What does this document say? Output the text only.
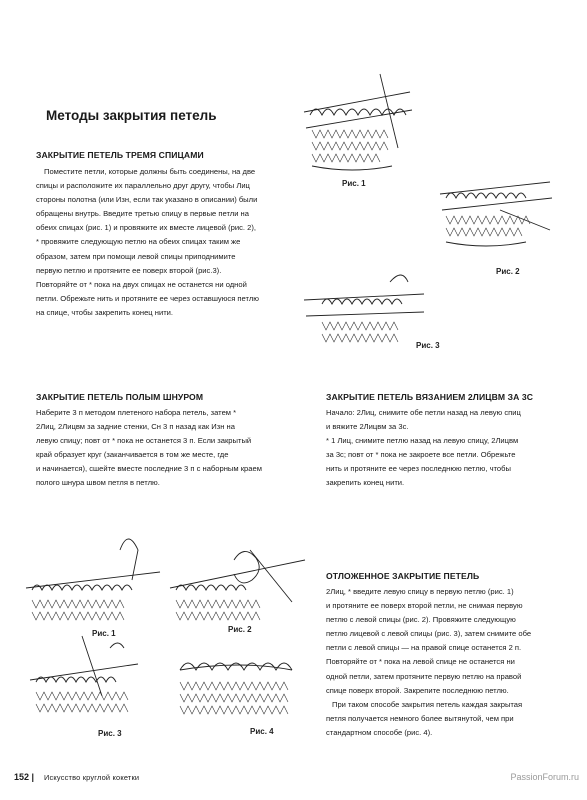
Методы закрытия петель
ЗАКРЫТИЕ ПЕТЕЛЬ ТРЕМЯ СПИЦАМИ
Поместите петли, которые должны быть соединены, на две
спицы и расположите их параллельно друг другу, чтобы Лиц
стороны полотна (или Изн, если так указано в описании) были
обращены внутрь. Введите третью спицу в первые петли на
обеих спицах (рис. 1) и провяжите их вместе лицевой (рис. 2),
* провяжите следующую петлю на обеих спицах таким же
образом, затем при помощи левой спицы приподнимите
первую петлю и протяните ее поверх второй (рис.3).
Повторяйте от * пока на двух спицах не останется ни одной
петли. Обрежьте нить и протяните ее через оставшуюся петлю
на спице, чтобы закрепить конец нити.
Рис. 1
Рис. 2
Рис. 3
ЗАКРЫТИЕ ПЕТЕЛЬ ПОЛЫМ ШНУРОМ
Наберите 3 п методом плетеного набора петель, затем *
2Лиц, 2Лицвм за задние стенки, Сн 3 п назад как Изн на
левую спицу; повт от * пока не останется 3 п. Если закрытый
край образует круг (заканчивается в том же месте, где
и начинается), сшейте вместе последние 3 п с наборным краем
полого шнура швом петля в петлю.
ЗАКРЫТИЕ ПЕТЕЛЬ ВЯЗАНИЕМ 2ЛИЦВМ ЗА 3С
Начало: 2Лиц, снимите обе петли назад на левую спиц
и вяжите 2Лицвм за 3с.
* 1 Лиц, снимите петлю назад на левую спицу, 2Лицвм
за 3с; повт от * пока не закроете все петли. Обрежьте
нить и протяните ее через последнюю петлю, чтобы
закрепить конец нити.
Рис. 1	Рис. 2
Рис. 3	Рис. 4
ОТЛОЖЕННОЕ ЗАКРЫТИЕ ПЕТЕЛЬ
2Лиц, * введите левую спицу в первую петлю (рис. 1)
и протяните ее поверх второй петли, не снимая первую
петлю с левой спицы (рис. 2). Провяжите следующую
петлю лицевой с левой спицы (рис. 3), затем снимите обе
петли с левой спицы — на правой спице останется 2 п.
Повторяйте от * пока на левой спице не останется ни
одной петли, затем протяните первую петлю на правой
спице поверх второй. Закрепите последнюю петлю.
При таком способе закрытия петель каждая закрытая
петля получается немного более вытянутой, чем при
стандартном способе (рис. 4).
152 | Искусство круглой кокетки	PassionForum.ru
